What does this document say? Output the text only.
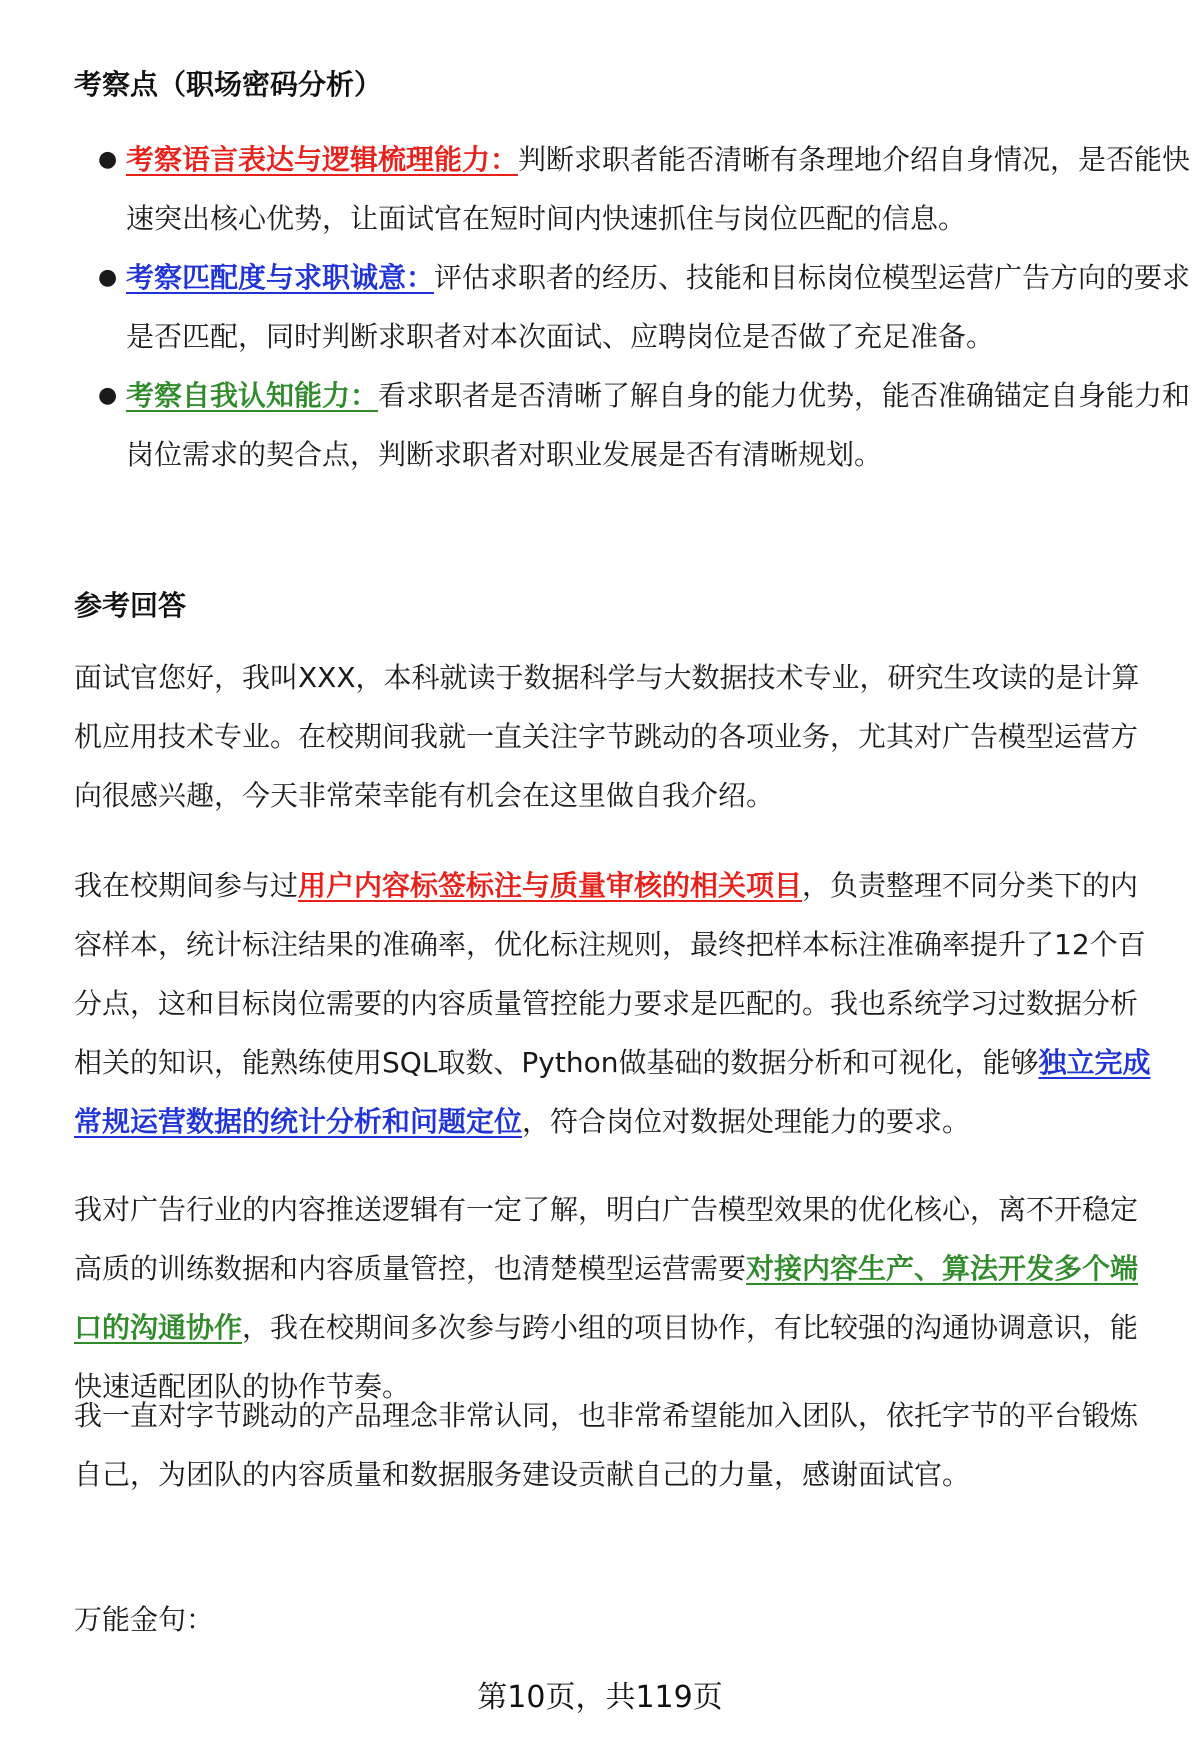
考察点（职场密码分析）
● 考察语言表达与逻辑梳理能力：判断求职者能否清晰有条理地介绍自身情况，是否能快速突出核心优势，让面试官在短时间内快速抓住与岗位匹配的信息。
● 考察匹配度与求职诚意：评估求职者的经历、技能和目标岗位模型运营广告方向的要求是否匹配，同时判断求职者对本次面试、应聘岗位是否做了充足准备。
● 考察自我认知能力：看求职者是否清晰了解自身的能力优势，能否准确锚定自身能力和岗位需求的契合点，判断求职者对职业发展是否有清晰规划。
参考回答

面试官您好，我叫XXX，本科就读于数据科学与大数据技术专业，研究生攻读的是计算机应用技术专业。在校期间我就一直关注字节跳动的各项业务，尤其对广告模型运营方向很感兴趣，今天非常荣幸能有机会在这里做自我介绍。

我在校期间参与过用户内容标签标注与质量审核的相关项目，负责整理不同分类下的内容样本，统计标注结果的准确率，优化标注规则，最终把样本标注准确率提升了12个百分点，这和目标岗位需要的内容质量管控能力要求是匹配的。我也系统学习过数据分析相关的知识，能熟练使用SQL取数、Python做基础的数据分析和可视化，能够独立完成常规运营数据的统计分析和问题定位，符合岗位对数据处理能力的要求。

我对广告行业的内容推送逻辑有一定了解，明白广告模型效果的优化核心，离不开稳定高质的训练数据和内容质量管控，也清楚模型运营需要对接内容生产、算法开发多个端口的沟通协作，我在校期间多次参与跨小组的项目协作，有比较强的沟通协调意识，能快速适配团队的协作节奏。

我一直对字节跳动的产品理念非常认同，也非常希望能加入团队，依托字节的平台锻炼自己，为团队的内容质量和数据服务建设贡献自己的力量，感谢面试官。

万能金句：

第10页，共119页
